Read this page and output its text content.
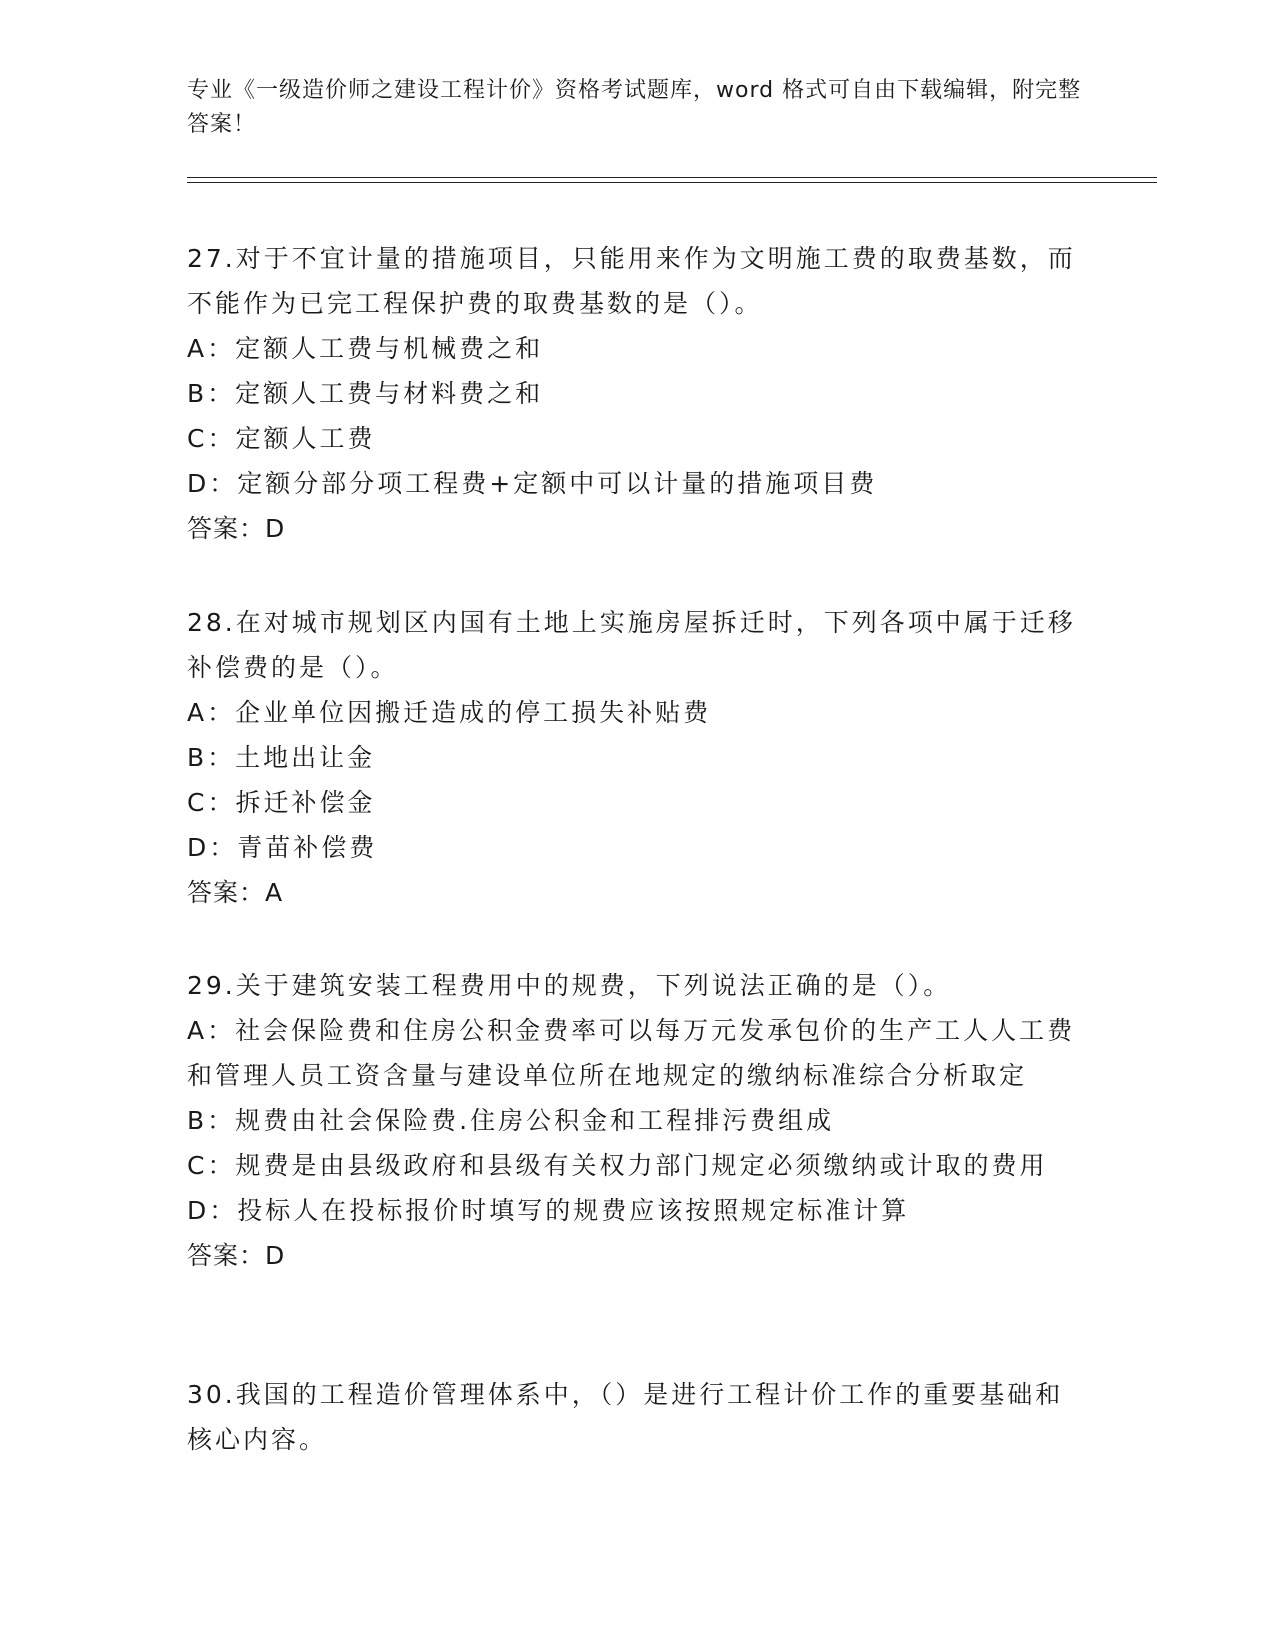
专业《一级造价师之建设工程计价》资格考试题库，word 格式可自由下载编辑，附完整答案！
27.对于不宜计量的措施项目，只能用来作为文明施工费的取费基数，而不能作为已完工程保护费的取费基数的是（）。
A：定额人工费与机械费之和
B：定额人工费与材料费之和
C：定额人工费
D：定额分部分项工程费+定额中可以计量的措施项目费
答案：D
28.在对城市规划区内国有土地上实施房屋拆迁时，下列各项中属于迁移补偿费的是（）。
A：企业单位因搬迁造成的停工损失补贴费
B：土地出让金
C：拆迁补偿金
D：青苗补偿费
答案：A
29.关于建筑安装工程费用中的规费，下列说法正确的是（）。
A：社会保险费和住房公积金费率可以每万元发承包价的生产工人人工费和管理人员工资含量与建设单位所在地规定的缴纳标准综合分析取定
B：规费由社会保险费.住房公积金和工程排污费组成
C：规费是由县级政府和县级有关权力部门规定必须缴纳或计取的费用
D：投标人在投标报价时填写的规费应该按照规定标准计算
答案：D
30.我国的工程造价管理体系中，（）是进行工程计价工作的重要基础和核心内容。
